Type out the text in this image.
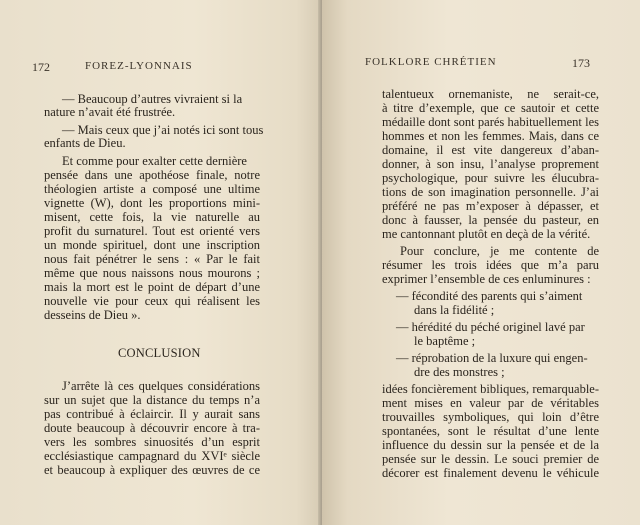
172	FOREZ-LYONNAIS
— Beaucoup d’autres vivraient si la
nature n’avait été frustrée.
— Mais ceux que j’ai notés ici sont tous
enfants de Dieu.
Et comme pour exalter cette dernière
pensée dans une apothéose finale, notre
théologien artiste a composé une ultime
vignette (W), dont les proportions mini-
misent, cette fois, la vie naturelle au
profit du surnaturel. Tout est orienté vers
un monde spirituel, dont une inscription
nous fait pénétrer le sens : « Par le fait
même que nous naissons nous mourons ;
mais la mort est le point de départ d’une
nouvelle vie pour ceux qui réalisent les
desseins de Dieu ».
CONCLUSION
J’arrête là ces quelques considérations
sur un sujet que la distance du temps n’a
pas contribué à éclaircir. Il y aurait sans
doute beaucoup à découvrir encore à tra-
vers les sombres sinuosités d’un esprit
ecclésiastique campagnard du XVIᵉ siècle
et beaucoup à expliquer des œuvres de ce
FOLKLORE CHRÉTIEN	173
talentueux ornemaniste, ne serait-ce,
à titre d’exemple, que ce sautoir et cette
médaille dont sont parés habituellement les
hommes et non les femmes. Mais, dans ce
domaine, il est vite dangereux d’aban-
donner, à son insu, l’analyse proprement
psychologique, pour suivre les élucubra-
tions de son imagination personnelle. J’ai
préféré ne pas m’exposer à dépasser, et
donc à fausser, la pensée du pasteur, en
me cantonnant plutôt en deçà de la vérité.
Pour conclure, je me contente de
résumer les trois idées que m’a paru
exprimer l’ensemble de ces enluminures :
— fécondité des parents qui s’aiment
dans la fidélité ;
— hérédité du péché originel lavé par
le baptême ;
— réprobation de la luxure qui engen-
dre des monstres ;
idées foncièrement bibliques, remarquable-
ment mises en valeur par de véritables
trouvailles symboliques, qui loin d’être
spontanées, sont le résultat d’une lente
influence du dessin sur la pensée et de la
pensée sur le dessin. Le souci premier de
décorer est finalement devenu le véhicule
